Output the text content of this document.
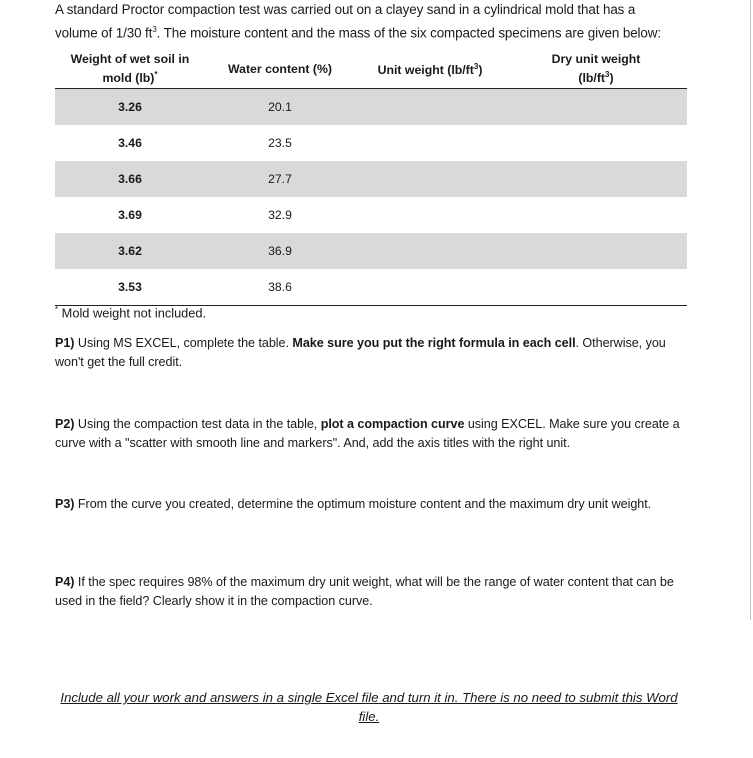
A standard Proctor compaction test was carried out on a clayey sand in a cylindrical mold that has a
volume of 1/30 $ft^3$. The moisture content and the mass of the six compacted specimens are given below:
Weight of wet soil in
mold (lb)*	Water content (%)	Unit weight $(lb/ft^3)$	Dry unit weight
$(lb/ft^3)$
3.26	20.1		
3.46	23.5		
3.66	27.7		
3.69	32.9		
3.62	36.9		
3.53	38.6		
* Mold weight not included.
P1) Using MS EXCEL, complete the table. Make sure you put the right formula in each cell. Otherwise, you won't get the full credit.
P2) Using the compaction test data in the table, plot a compaction curve using EXCEL. Make sure you create a curve with a "scatter with smooth line and markers". And, add the axis titles with the right unit.
P3) From the curve you created, determine the optimum moisture content and the maximum dry unit weight.
P4) If the spec requires 98% of the maximum dry unit weight, what will be the range of water content that can be used in the field? Clearly show it in the compaction curve.
Include all your work and answers in a single Excel file and turn it in. There is no need to submit this Word file.
